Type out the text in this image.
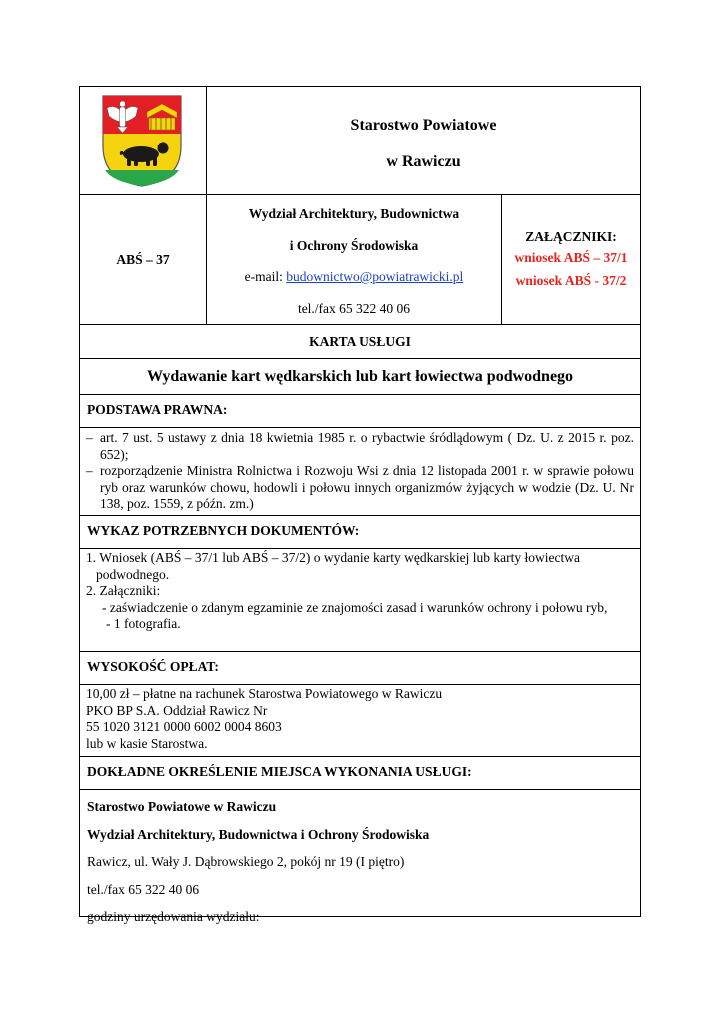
Starostwo Powiatowe
w Rawiczu
ABŚ – 37
Wydział Architektury, Budownictwa
i Ochrony Środowiska
e-mail: budownictwo@powiatrawicki.pl
tel./fax 65 322 40 06
ZAŁĄCZNIKI:
wniosek ABŚ – 37/1
wniosek ABŚ - 37/2
KARTA USŁUGI
Wydawanie kart wędkarskich lub kart łowiectwa podwodnego
PODSTAWA PRAWNA:
– art. 7 ust. 5 ustawy z dnia 18 kwietnia 1985 r. o rybactwie śródlądowym ( Dz. U. z 2015 r. poz. 652);
– rozporządzenie Ministra Rolnictwa i Rozwoju Wsi z dnia 12 listopada 2001 r. w sprawie połowu ryb oraz warunków chowu, hodowli i połowu innych organizmów żyjących w wodzie (Dz. U. Nr 138, poz. 1559, z późn. zm.)
WYKAZ POTRZEBNYCH DOKUMENTÓW:
1. Wniosek (ABŚ – 37/1 lub ABŚ – 37/2) o wydanie karty wędkarskiej lub karty łowiectwa
podwodnego.
2. Załączniki:
- zaświadczenie o zdanym egzaminie ze znajomości zasad i warunków ochrony i połowu ryb,
- 1 fotografia.
WYSOKOŚĆ OPŁAT:
10,00 zł – płatne na rachunek Starostwa Powiatowego w Rawiczu
PKO BP S.A. Oddział Rawicz Nr
55 1020 3121 0000 6002 0004 8603
lub w kasie Starostwa.
DOKŁADNE OKREŚLENIE MIEJSCA WYKONANIA USŁUGI:

Starostwo Powiatowe w Rawiczu

Wydział Architektury, Budownictwa i Ochrony Środowiska

Rawicz, ul. Wały J. Dąbrowskiego 2, pokój nr 19 (I piętro)

tel./fax 65 322 40 06

godziny urzędowania wydziału:
